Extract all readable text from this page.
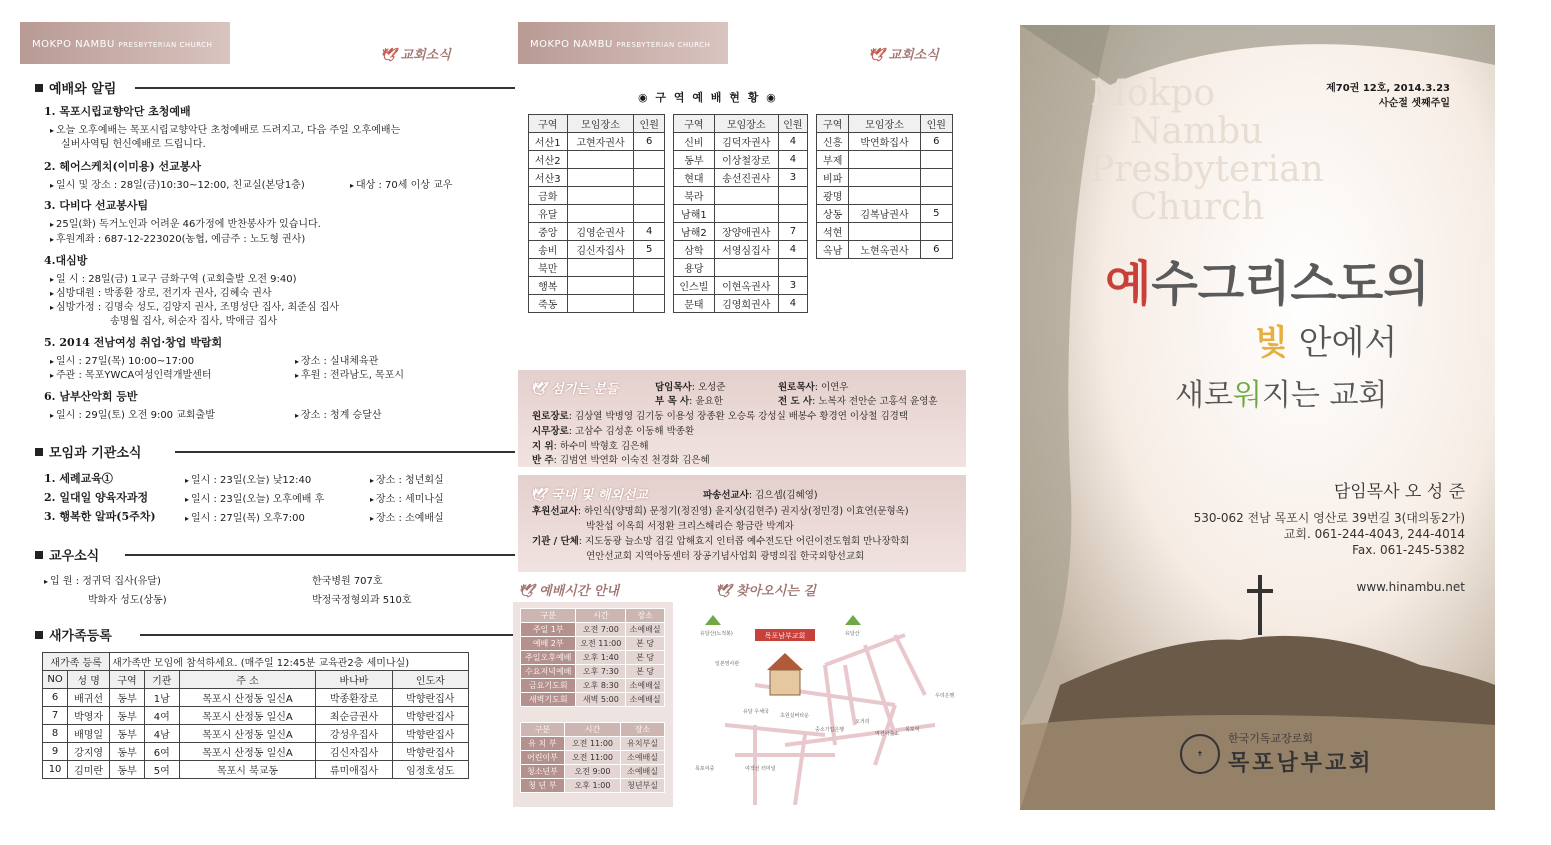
MOKPO NAMBU PRESBYTERIAN CHURCH
🕊 교회소식
예배와 알림
1. 목포시립교향악단 초청예배
▸ 오늘 오후예배는 목포시립교향악단 초청예배로 드려지고, 다음 주일 오후예배는
실버사역팀 헌신예배로 드립니다.
2. 헤어스케치(이미용) 선교봉사
▸ 일시 및 장소 : 28일(금)10:30~12:00, 친교실(본당1층)	▸ 대상 : 70세 이상 교우
3. 다비다 선교봉사팀
▸ 25일(화) 독거노인과 어려운 46가정에 반찬봉사가 있습니다.
▸ 후원계좌 : 687-12-223020(농협, 예금주 : 노도형 권사)
4.대심방
▸ 일 시 : 28일(금) 1교구 금화구역 (교회출발 오전 9:40)
▸ 심방대원 : 박종환 장로, 전기자 권사, 김혜숙 권사
▸ 심방가정 : 김명숙 성도, 김양지 권사, 조명성단 집사, 최준심 집사
송명월 집사, 허순자 집사, 박애금 집사
5. 2014 전남여성 취업·창업 박람회
▸ 일시 : 27일(목) 10:00~17:00	▸ 장소 : 실내체육관
▸ 주관 : 목포YWCA여성인력개발센터	▸ 후원 : 전라남도, 목포시
6. 남부산악회 등반
▸ 일시 : 29일(토) 오전 9:00 교회출발	▸ 장소 : 청계 승달산
모임과 기관소식
1. 세례교육①	▸ 일시 : 23일(오늘) 낮12:40	▸ 장소 : 청년회실
2. 일대일 양육자과정	▸ 일시 : 23일(오늘) 오후예배 후	▸ 장소 : 세미나실
3. 행복한 알파(5주차)	▸ 일시 : 27일(목) 오후7:00	▸ 장소 : 소예배실
교우소식
▸ 입 원 : 정귀덕 집사(유달)	한국병원 707호
박화자 성도(상동)	박정국정형외과 510호
새가족등록
새가족 등록		새가족반 모임에 참석하세요. (매주일 12:45분 교육관2층 세미나실)				
NO	성 명	구역	기관	주 소	바나바	인도자
6	배귀선	동부	1남	목포시 산정동 일신A	박종환장로	박향란집사
7	박영자	동부	4여	목포시 산정동 일신A	최순금권사	박향란집사
8	배명일	동부	4남	목포시 산정동 일신A	강성우집사	박향란집사
9	강지영	동부	6여	목포시 산정동 일신A	김신자집사	박향란집사
10	김미란	동부	5여	목포시 북교동	류미애집사	임정호성도
MOKPO NAMBU PRESBYTERIAN CHURCH
🕊 교회소식
◉ 구 역 예 배 현 황 ◉
구역	모임장소	인원
서산1	고현자권사	6
서산2		
서산3		
금화		
유달		
중앙	김영순권사	4
송비	김신자집사	5
북만		
행복		
죽동		
구역	모임장소	인원
신비	김덕자권사	4
동부	이상철장로	4
현대	송선진권사	3
북라		
남해1		
남해2	장양애권사	7
삼학	서영심집사	4
용당		
인스빌	이현옥권사	3
문태	김영희권사	4
구역	모임장소	인원
신흥	박연화집사	6
부제		
비파		
광명		
상동	김복남권사	5
석현		
옥남	노현옥권사	6
🕊 섬기는 분들	담임목사: 오성준	원로목사: 이연우
부 목 사: 윤요한	전 도 사: 노복자 전안순 고홍석 윤영훈
원로장로: 김상열 박병영 김기동 이용성 장종환 오승록 강성실 배봉수 황경연 이상철 김경택
시무장로: 고삼수 김성훈 이동해 박종환
지 위: 하수미 박형호 김은해
반 주: 김범연 박연화 이숙진 천경화 김은혜
🕊 국내 및 해외선교	파송선교사: 김으셉(김혜영)
후원선교사: 하인식(양명희) 문정기(정진영) 윤지상(김현주) 권지상(정민경) 이효연(문형옥)
박찬섭 이옥희 서정환 크리스해리슨 황금란 박계자
기관 / 단체: 지도동광 늘소망 검길 압해효지 인터콥 예수전도단 어린이전도협회 만나장학회
연안선교회 지역아동센터 장공기념사업회 광명의집 한국외항선교회
🕊 예배시간 안내
구분	시간	장소
주일 1부	오전 7:00	소예배실
예배 2부	오전 11:00	본 당
주일오후예배	오후 1:40	본 당
수요저녁예배	오후 7:30	본 당
금요기도회	오후 8:30	소예배실
새벽기도회	새벽 5:00	소예배실
구분	시간	장소
유 치 부	오전 11:00	유치부실
어린이부	오전 11:00	소예배실
청소년부	오전 9:00	소예배실
청 년 부	오후 1:00	청년부실
🕊 찾아오시는 길
목포남부교회
유달산(노적봉)
일본영사관
유달산
우리은행
유달 우체국
초원실버타운
오거리
중소기업은행	목포역
역전파출소
목포여중	여객선 터미널
Mokpo
Nambu
Presbyterian
Church
제70권 12호, 2014.3.23
사순절 셋째주일
예수그리스도의
빛 안에서
새로워지는 교회
담임목사 오 성 준
530-062 전남 목포시 영산로 39번길 3(대의동2가)
교회. 061-244-4043, 244-4014
Fax. 061-245-5382
www.hinambu.net
✝
한국기독교장로회
목포남부교회
